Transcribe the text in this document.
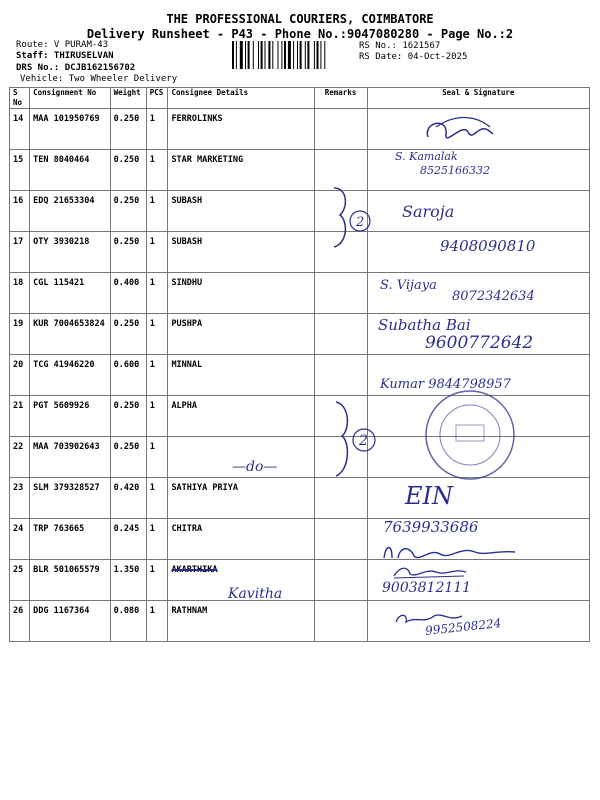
THE PROFESSIONAL COURIERS, COIMBATORE
Delivery Runsheet - P43 - Phone No.:9047080280 - Page No.:2
Route: V PURAM-43
Staff: THIRUSELVAN
DRS No.: DCJB162156702
Vehicle: Two Wheeler Delivery
RS No.: 1621567
RS Date: 04-Oct-2025
S No	Consignment No	Weight	PCS	Consignee Details	Remarks	Seal & Signature
14	MAA 101950769	0.250	1	FERROLINKS		
15	TEN 8040464	0.250	1	STAR MARKETING		
16	EDQ 21653304	0.250	1	SUBASH		
17	OTY 3930218	0.250	1	SUBASH		
18	CGL 115421	0.400	1	SINDHU		
19	KUR 7004653824	0.250	1	PUSHPA		
20	TCG 41946220	0.600	1	MINNAL		
21	PGT 5609926	0.250	1	ALPHA		
22	MAA 703902643	0.250	1			
23	SLM 379328527	0.420	1	SATHIYA PRIYA		
24	TRP 763665	0.245	1	CHITRA		
25	BLR 501065579	1.350	1	AKARTHIKA		
26	DDG 1167364	0.080	1	RATHNAM		
S. Kamalak
8525166332
Saroja
9408090810
S. Vijaya
8072342634
Subatha Bai
9600772642
Kumar 9844798957
—do—
2
2
EIN
7639933686
Kavitha	9003812111
9952508224
